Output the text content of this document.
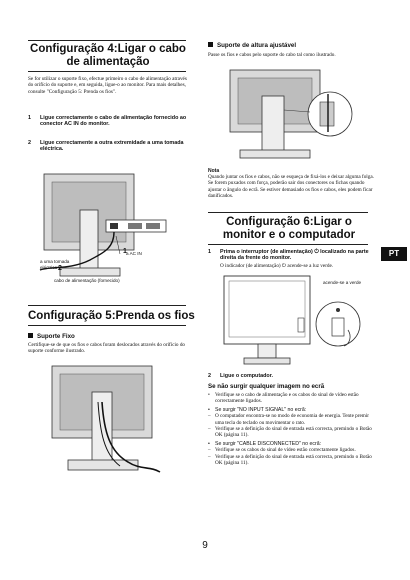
Configuração 4:Ligar o cabo de alimentação
Se for utilizar o suporte fixo, efectue primeiro o cabo de alimentação através do orifício do suporte e, em seguida, ligue-o ao monitor. Para mais detalhes, consulte "Configuração 5: Prenda os fios".
1 Ligue correctamente o cabo de alimentação fornecido ao conector AC IN do monitor.
2 Ligue correctamente a outra extremidade a uma tomada eléctrica.
1
2
a AC IN
a uma tomada eléctrica
cabo de alimentação (fornecido)
Configuração 5:Prenda os fios
Suporte Fixo
Certifique-se de que os fios e cabos foram deslocados através do orifício do suporte conforme ilustrado.
Suporte de altura ajustável
Passe os fios e cabos pelo suporte do cabo tal como ilustrado.
Nota
Quando juntar os fios e cabos, não se esqueça de fixá-los e deixar alguma folga. Se forem puxados com força, poderão sair dos conectores ou fichas quando ajustar o ângulo do ecrã. Se estiver demasiado os fios e cabos, eles podem ficar danificados.
Configuração 6:Ligar o monitor e o computador
PT
1 Prima o interruptor (de alimentação) ⏻ localizado na parte direita da frente do monitor.
O indicador (de alimentação) ⏻ acende-se a luz verde.
acende-se a verde
2 Ligue o computador.
Se não surgir qualquer imagem no ecrã
• Verifique se o cabo de alimentação e os cabos do sinal de vídeo estão correctamente ligados.
• Se surgir "NO INPUT SIGNAL" no ecrã:
– O computador encontra-se no modo de economia de energia. Tente premir uma tecla do teclado ou movimentar o rato.
– Verifique se a definição do sinal de entrada está correcta, premindo o Botão OK (página 11).
• Se surgir "CABLE DISCONNECTED" no ecrã:
– Verifique se os cabos do sinal de vídeo estão correctamente ligados.
– Verifique se a definição do sinal de entrada está correcta, premindo o Botão OK (página 11).
9
